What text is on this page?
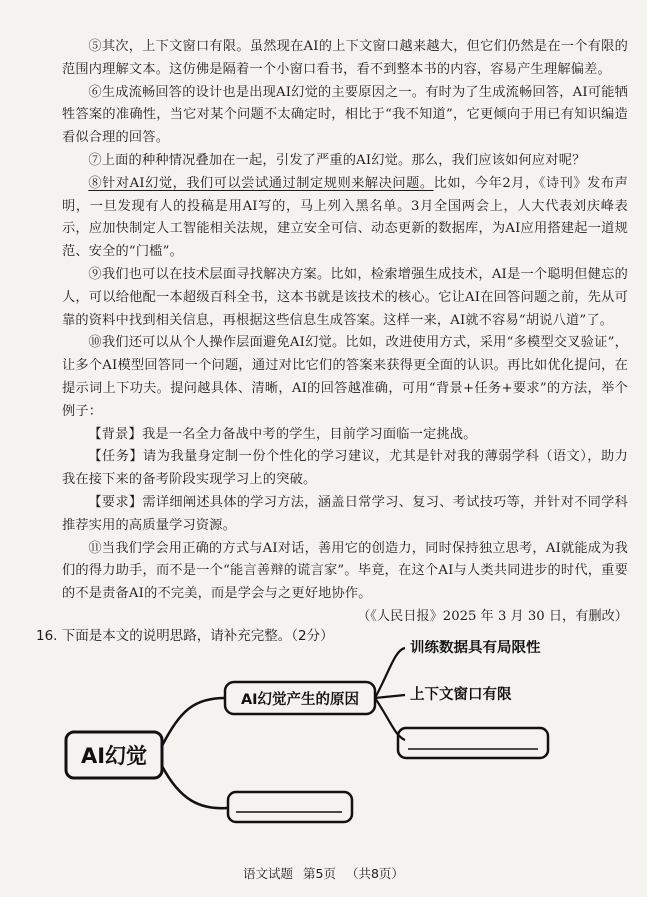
⑤其次，上下文窗口有限。虽然现在AI的上下文窗口越来越大，但它们仍然是在一个有限的范围内理解文本。这仿佛是隔着一个小窗口看书，看不到整本书的内容，容易产生理解偏差。

⑥生成流畅回答的设计也是出现AI幻觉的主要原因之一。有时为了生成流畅回答，AI可能牺牲答案的准确性，当它对某个问题不太确定时，相比于“我不知道”，它更倾向于用已有知识编造看似合理的回答。

⑦上面的种种情况叠加在一起，引发了严重的AI幻觉。那么，我们应该如何应对呢？

⑧针对AI幻觉，我们可以尝试通过制定规则来解决问题。比如，今年2月，《诗刊》发布声明，一旦发现有人的投稿是用AI写的，马上列入黑名单。3月全国两会上，人大代表刘庆峰表示，应加快制定人工智能相关法规，建立安全可信、动态更新的数据库，为AI应用搭建起一道规范、安全的“门槛”。

⑨我们也可以在技术层面寻找解决方案。比如，检索增强生成技术，AI是一个聪明但健忘的人，可以给他配一本超级百科全书，这本书就是该技术的核心。它让AI在回答问题之前，先从可靠的资料中找到相关信息，再根据这些信息生成答案。这样一来，AI就不容易“胡说八道”了。

⑩我们还可以从个人操作层面避免AI幻觉。比如，改进使用方式，采用“多模型交叉验证”，让多个AI模型回答同一个问题，通过对比它们的答案来获得更全面的认识。再比如优化提问，在提示词上下功夫。提问越具体、清晰，AI的回答越准确，可用“背景+任务+要求”的方法，举个例子：

【背景】我是一名全力备战中考的学生，目前学习面临一定挑战。

【任务】请为我量身定制一份个性化的学习建议，尤其是针对我的薄弱学科（语文），助力我在接下来的备考阶段实现学习上的突破。

【要求】需详细阐述具体的学习方法，涵盖日常学习、复习、考试技巧等，并针对不同学科推荐实用的高质量学习资源。

⑪当我们学会用正确的方式与AI对话，善用它的创造力，同时保持独立思考，AI就能成为我们的得力助手，而不是一个“能言善辩的谎言家”。毕竟，在这个AI与人类共同进步的时代，重要的不是责备AI的不完美，而是学会与之更好地协作。

（《人民日报》2025 年 3 月 30 日，有删改）

16. 下面是本文的说明思路，请补充完整。（2分）

AI幻觉
AI幻觉产生的原因
训练数据具有局限性
上下文窗口有限
语文试题 第5页 （共8页）
